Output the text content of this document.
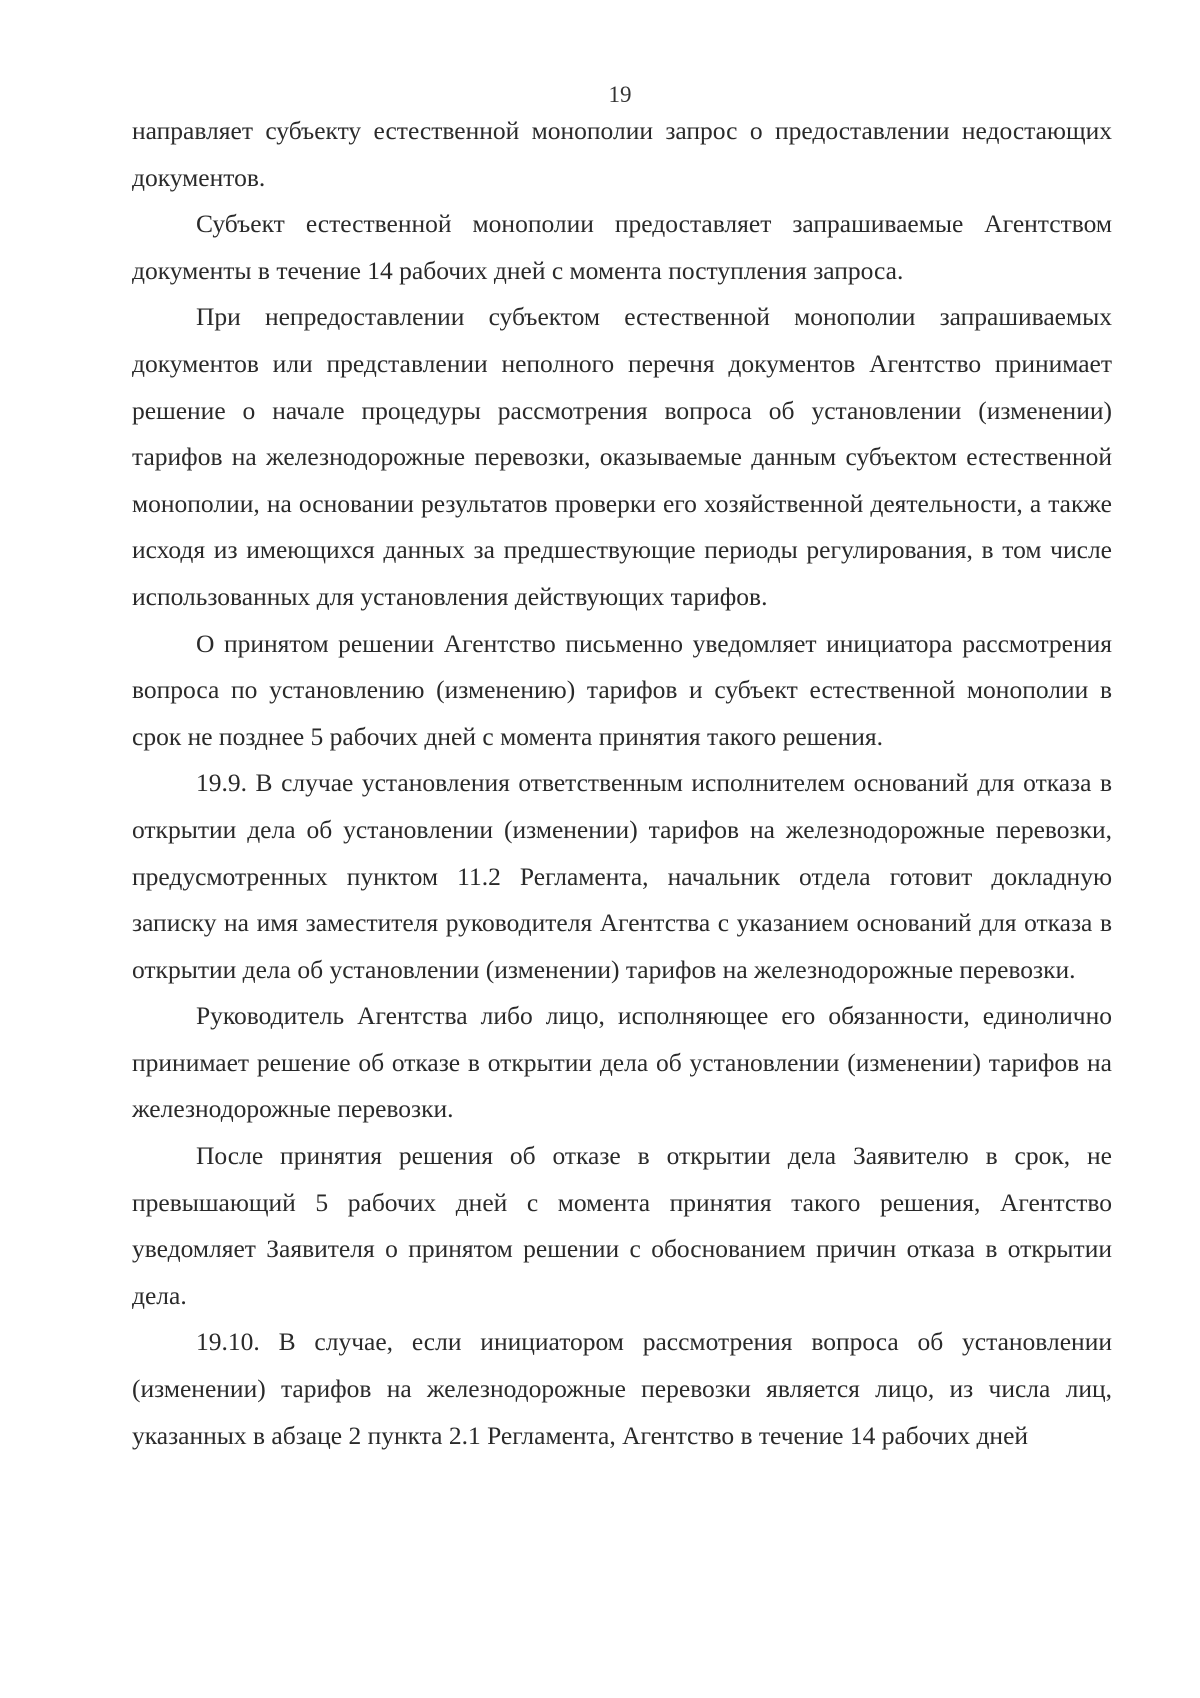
19

направляет субъекту естественной монополии запрос о предоставлении недостающих документов.

Субъект естественной монополии предоставляет запрашиваемые Агентством документы в течение 14 рабочих дней с момента поступления запроса.

При непредоставлении субъектом естественной монополии запрашиваемых документов или представлении неполного перечня документов Агентство принимает решение о начале процедуры рассмотрения вопроса об установлении (изменении) тарифов на железнодорожные перевозки, оказываемые данным субъектом естественной монополии, на основании результатов проверки его хозяйственной деятельности, а также исходя из имеющихся данных за предшествующие периоды регулирования, в том числе использованных для установления действующих тарифов.

О принятом решении Агентство письменно уведомляет инициатора рассмотрения вопроса по установлению (изменению) тарифов и субъект естественной монополии в срок не позднее 5 рабочих дней с момента принятия такого решения.

19.9. В случае установления ответственным исполнителем оснований для отказа в открытии дела об установлении (изменении) тарифов на железнодорожные перевозки, предусмотренных пунктом 11.2 Регламента, начальник отдела готовит докладную записку на имя заместителя руководителя Агентства с указанием оснований для отказа в открытии дела об установлении (изменении) тарифов на железнодорожные перевозки.

Руководитель Агентства либо лицо, исполняющее его обязанности, единолично принимает решение об отказе в открытии дела об установлении (изменении) тарифов на железнодорожные перевозки.

После принятия решения об отказе в открытии дела Заявителю в срок, не превышающий 5 рабочих дней с момента принятия такого решения, Агентство уведомляет Заявителя о принятом решении с обоснованием причин отказа в открытии дела.

19.10. В случае, если инициатором рассмотрения вопроса об установлении (изменении) тарифов на железнодорожные перевозки является лицо, из числа лиц, указанных в абзаце 2 пункта 2.1 Регламента, Агентство в течение 14 рабочих дней
